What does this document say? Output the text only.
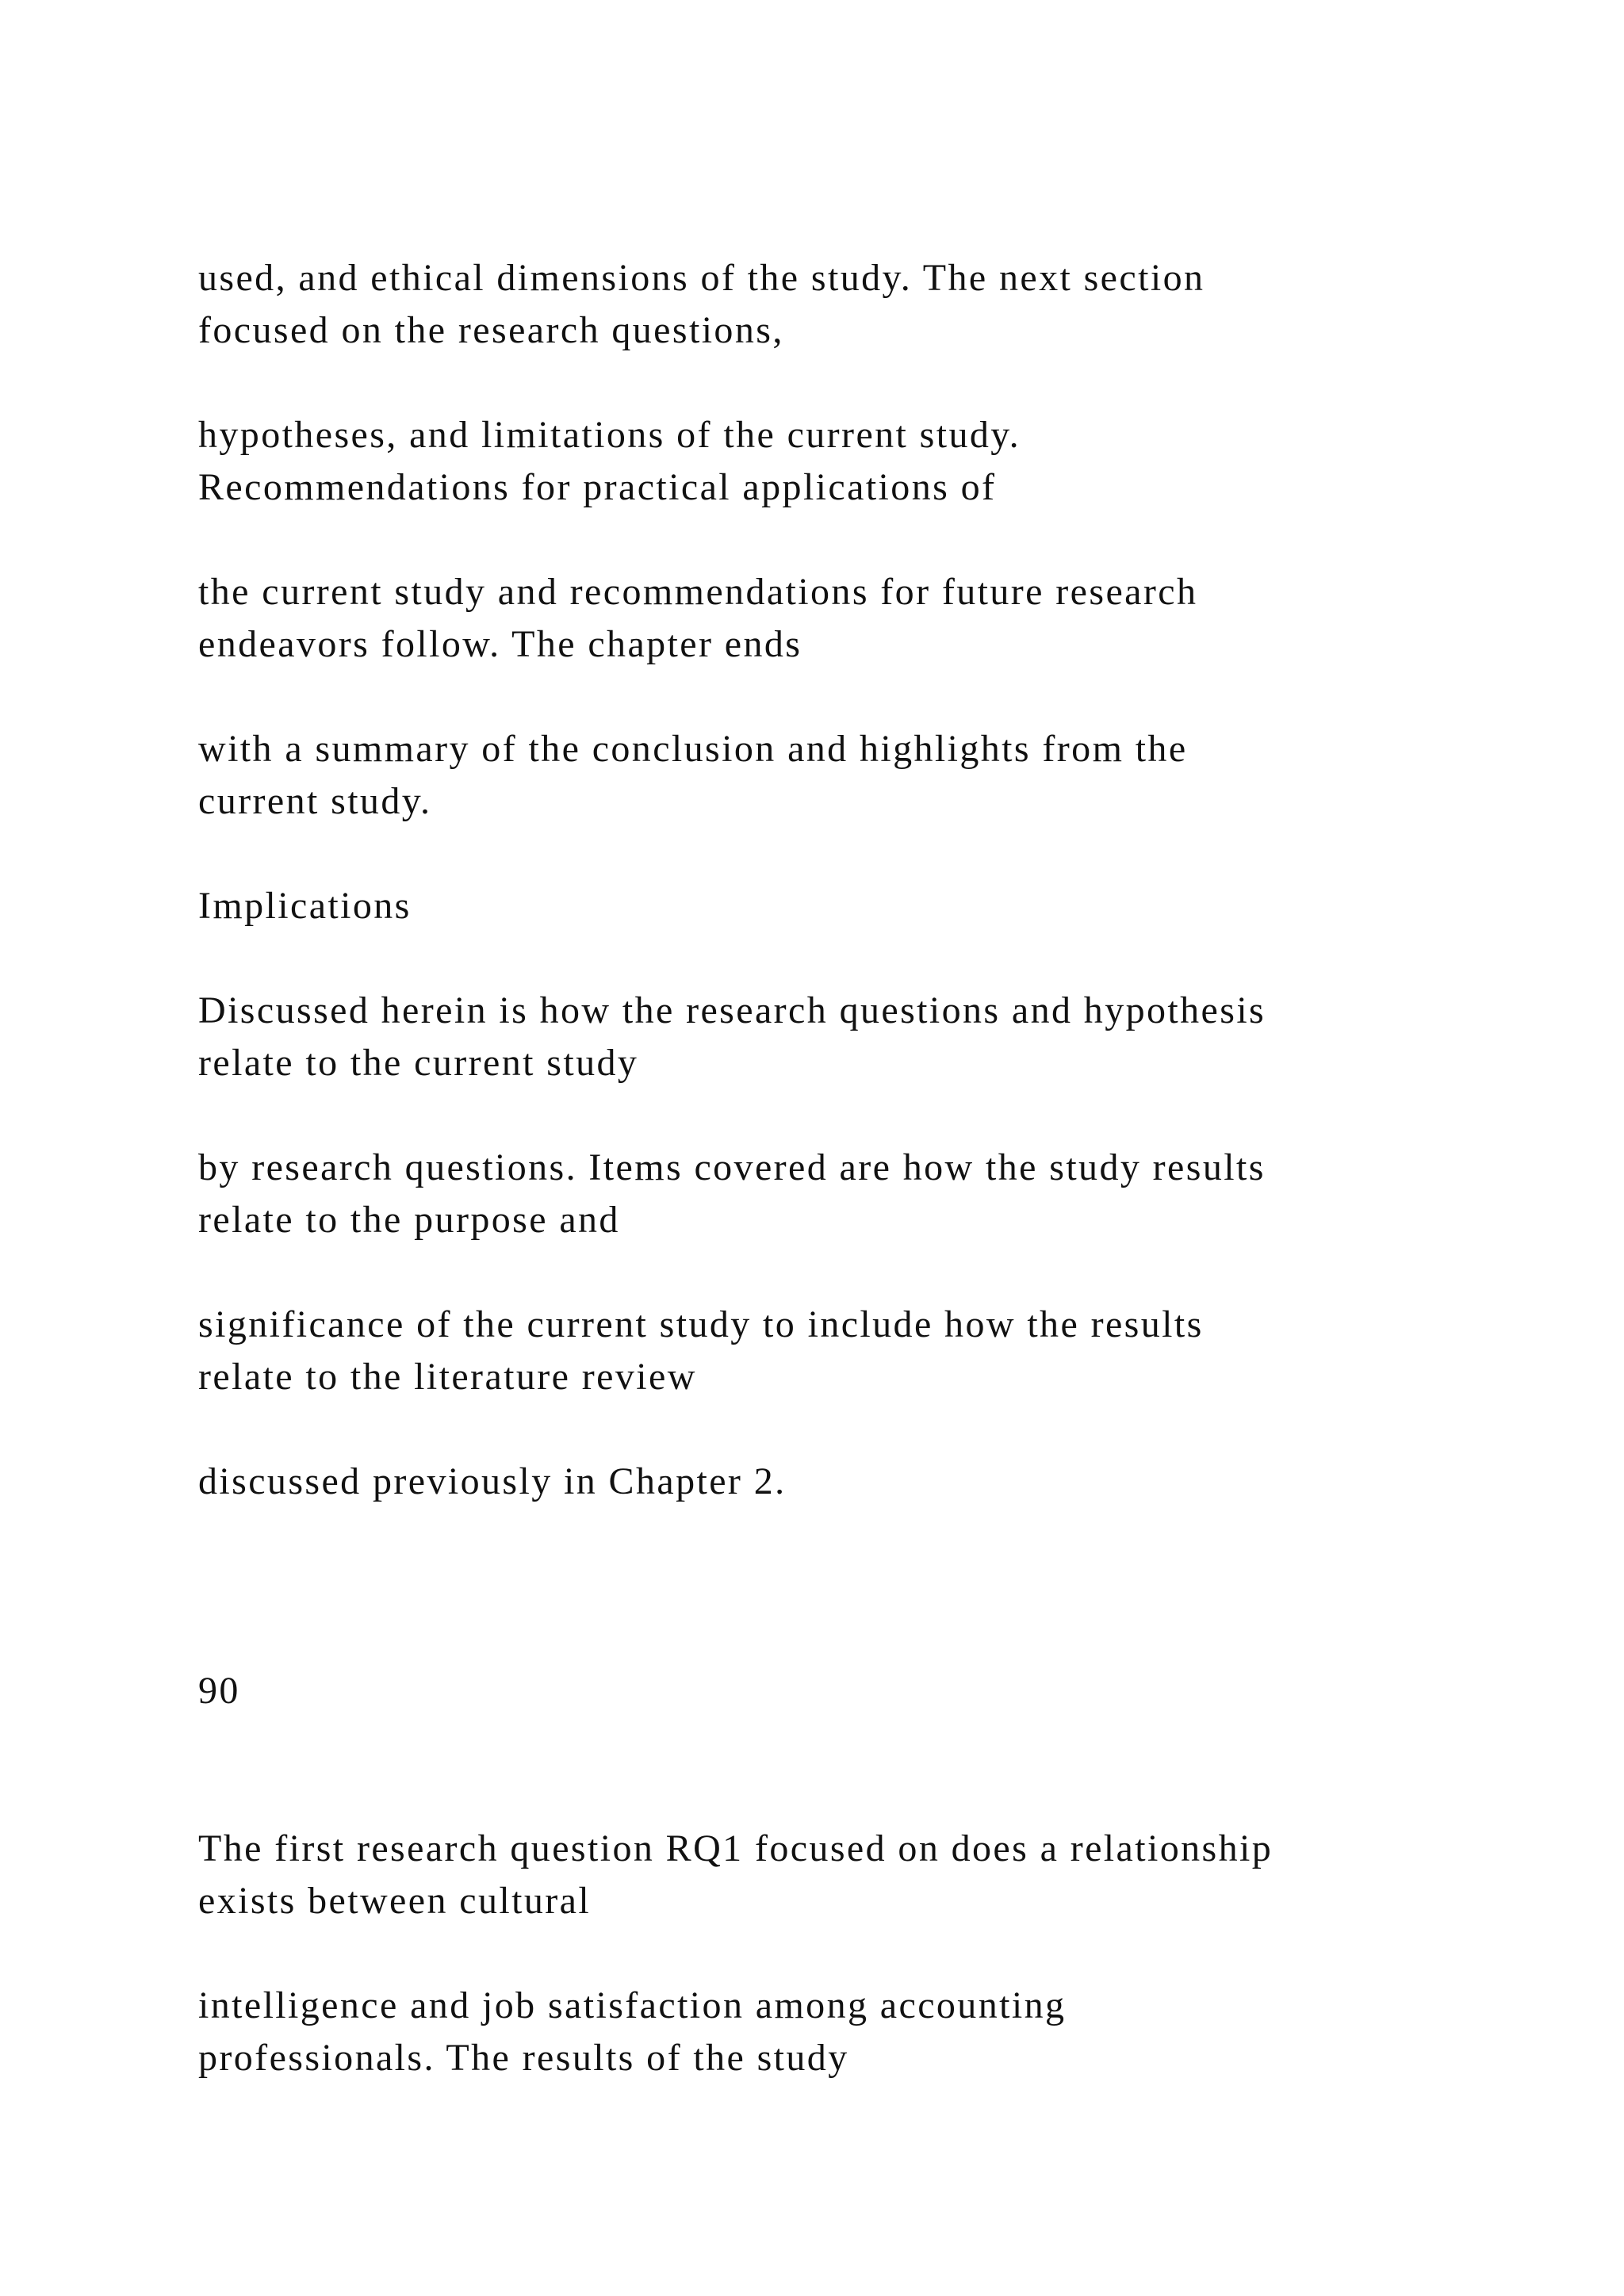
used, and ethical dimensions of the study. The next section
focused on the research questions,

hypotheses, and limitations of the current study.
Recommendations for practical applications of

the current study and recommendations for future research
endeavors follow. The chapter ends

with a summary of the conclusion and highlights from the
current study.

Implications

Discussed herein is how the research questions and hypothesis
relate to the current study

by research questions. Items covered are how the study results
relate to the purpose and

significance of the current study to include how the results
relate to the literature review

discussed previously in Chapter 2.

90

The first research question RQ1 focused on does a relationship
exists between cultural

intelligence and job satisfaction among accounting
professionals. The results of the study
